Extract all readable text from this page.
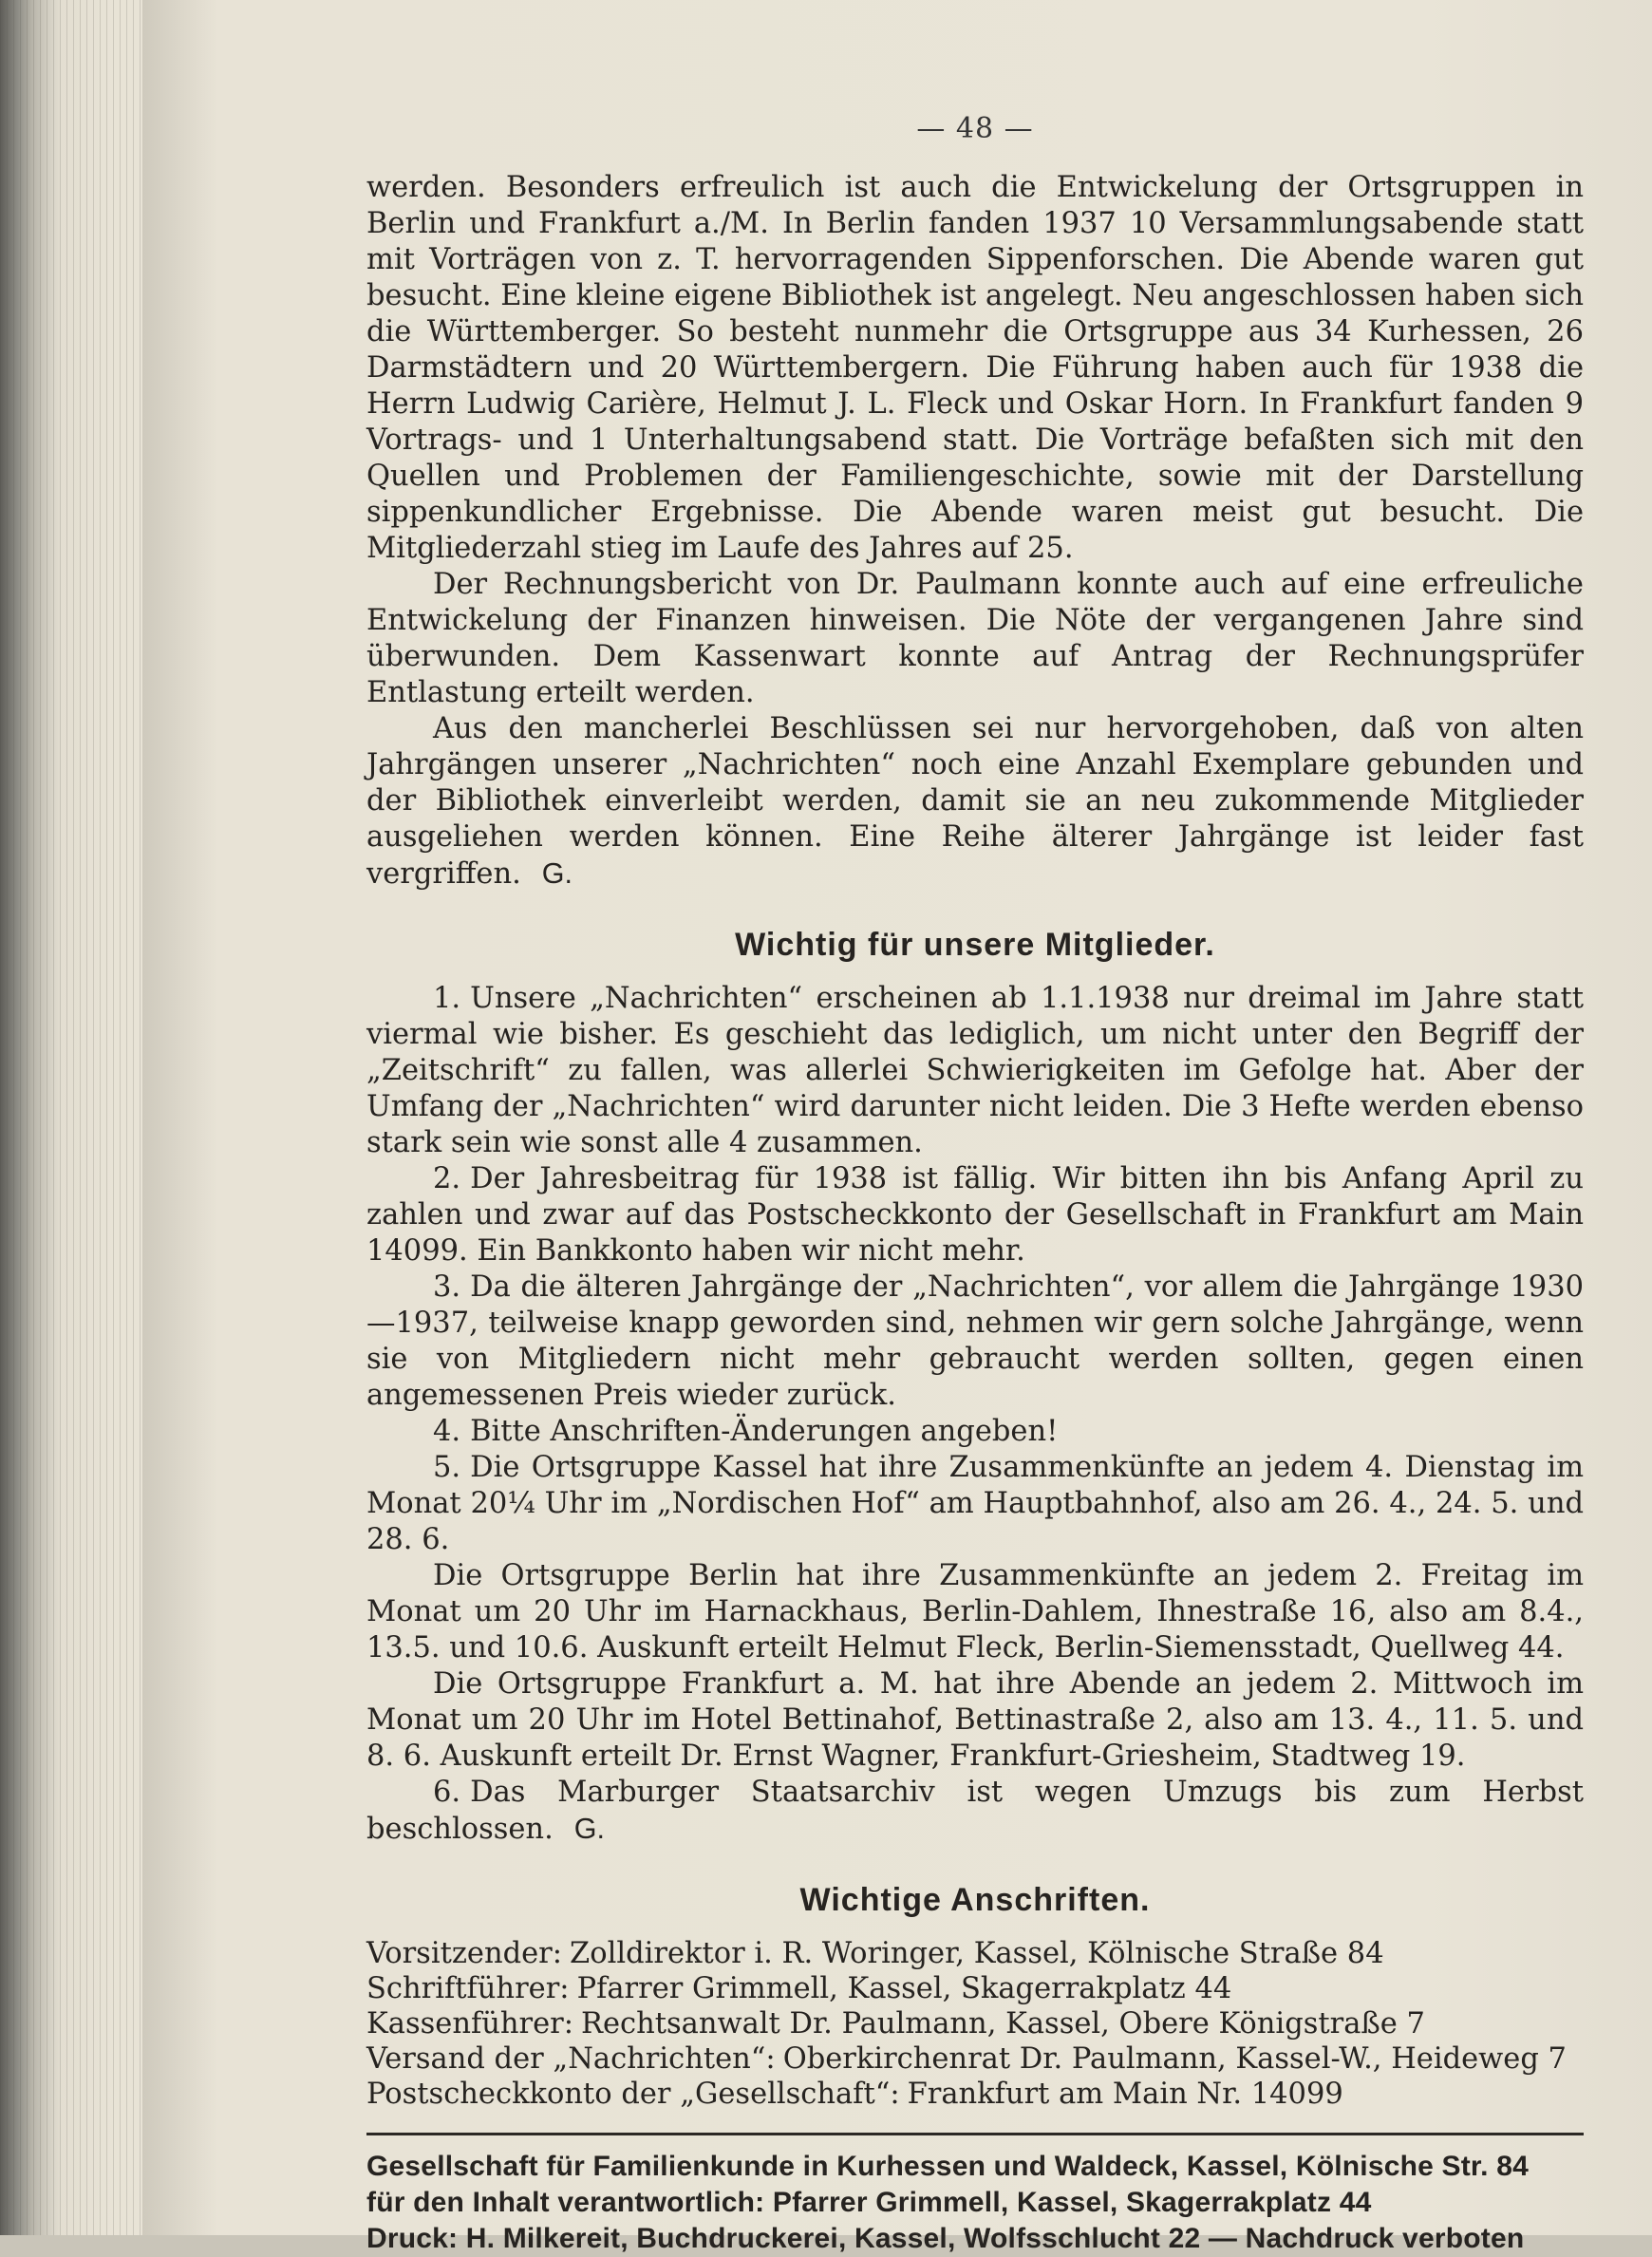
— 48 —

werden. Besonders erfreulich ist auch die Entwickelung der Ortsgruppen in Berlin und Frankfurt a./M. In Berlin fanden 1937 10 Versammlungsabende statt mit Vorträgen von z. T. hervorragenden Sippenforschen. Die Abende waren gut besucht. Eine kleine eigene Bibliothek ist angelegt. Neu angeschlossen haben sich die Württemberger. So besteht nunmehr die Ortsgruppe aus 34 Kurhessen, 26 Darmstädtern und 20 Württembergern. Die Führung haben auch für 1938 die Herrn Ludwig Carière, Helmut J. L. Fleck und Oskar Horn. In Frankfurt fanden 9 Vortrags- und 1 Unterhaltungsabend statt. Die Vorträge befaßten sich mit den Quellen und Problemen der Familiengeschichte, sowie mit der Darstellung sippenkundlicher Ergebnisse. Die Abende waren meist gut besucht. Die Mitgliederzahl stieg im Laufe des Jahres auf 25.

Der Rechnungsbericht von Dr. Paulmann konnte auch auf eine erfreuliche Entwickelung der Finanzen hinweisen. Die Nöte der vergangenen Jahre sind überwunden. Dem Kassenwart konnte auf Antrag der Rechnungsprüfer Entlastung erteilt werden.

Aus den mancherlei Beschlüssen sei nur hervorgehoben, daß von alten Jahrgängen unserer „Nachrichten“ noch eine Anzahl Exemplare gebunden und der Bibliothek einverleibt werden, damit sie an neu zukommende Mitglieder ausgeliehen werden können. Eine Reihe älterer Jahrgänge ist leider fast vergriffen. G.

Wichtig für unsere Mitglieder.

1. Unsere „Nachrichten“ erscheinen ab 1.1.1938 nur dreimal im Jahre statt viermal wie bisher. Es geschieht das lediglich, um nicht unter den Begriff der „Zeitschrift“ zu fallen, was allerlei Schwierigkeiten im Gefolge hat. Aber der Umfang der „Nachrichten“ wird darunter nicht leiden. Die 3 Hefte werden ebenso stark sein wie sonst alle 4 zusammen.

2. Der Jahresbeitrag für 1938 ist fällig. Wir bitten ihn bis Anfang April zu zahlen und zwar auf das Postscheckkonto der Gesellschaft in Frankfurt am Main 14099. Ein Bankkonto haben wir nicht mehr.

3. Da die älteren Jahrgänge der „Nachrichten“, vor allem die Jahrgänge 1930—1937, teilweise knapp geworden sind, nehmen wir gern solche Jahrgänge, wenn sie von Mitgliedern nicht mehr gebraucht werden sollten, gegen einen angemessenen Preis wieder zurück.

4. Bitte Anschriften-Änderungen angeben!

5. Die Ortsgruppe Kassel hat ihre Zusammenkünfte an jedem 4. Dienstag im Monat 20¼ Uhr im „Nordischen Hof“ am Hauptbahnhof, also am 26. 4., 24. 5. und 28. 6.

Die Ortsgruppe Berlin hat ihre Zusammenkünfte an jedem 2. Freitag im Monat um 20 Uhr im Harnackhaus, Berlin-Dahlem, Ihnestraße 16, also am 8.4., 13.5. und 10.6. Auskunft erteilt Helmut Fleck, Berlin-Siemensstadt, Quellweg 44.

Die Ortsgruppe Frankfurt a. M. hat ihre Abende an jedem 2. Mittwoch im Monat um 20 Uhr im Hotel Bettinahof, Bettinastraße 2, also am 13. 4., 11. 5. und 8. 6. Auskunft erteilt Dr. Ernst Wagner, Frankfurt-Griesheim, Stadtweg 19.

6. Das Marburger Staatsarchiv ist wegen Umzugs bis zum Herbst beschlossen. G.

Wichtige Anschriften.

Vorsitzender: Zolldirektor i. R. Woringer, Kassel, Kölnische Straße 84

Schriftführer: Pfarrer Grimmell, Kassel, Skagerrakplatz 44

Kassenführer: Rechtsanwalt Dr. Paulmann, Kassel, Obere Königstraße 7

Versand der „Nachrichten“: Oberkirchenrat Dr. Paulmann, Kassel-W., Heideweg 7

Postscheckkonto der „Gesellschaft“: Frankfurt am Main Nr. 14099

Gesellschaft für Familienkunde in Kurhessen und Waldeck, Kassel, Kölnische Str. 84

für den Inhalt verantwortlich: Pfarrer Grimmell, Kassel, Skagerrakplatz 44

Druck: H. Milkereit, Buchdruckerei, Kassel, Wolfsschlucht 22 — Nachdruck verboten
